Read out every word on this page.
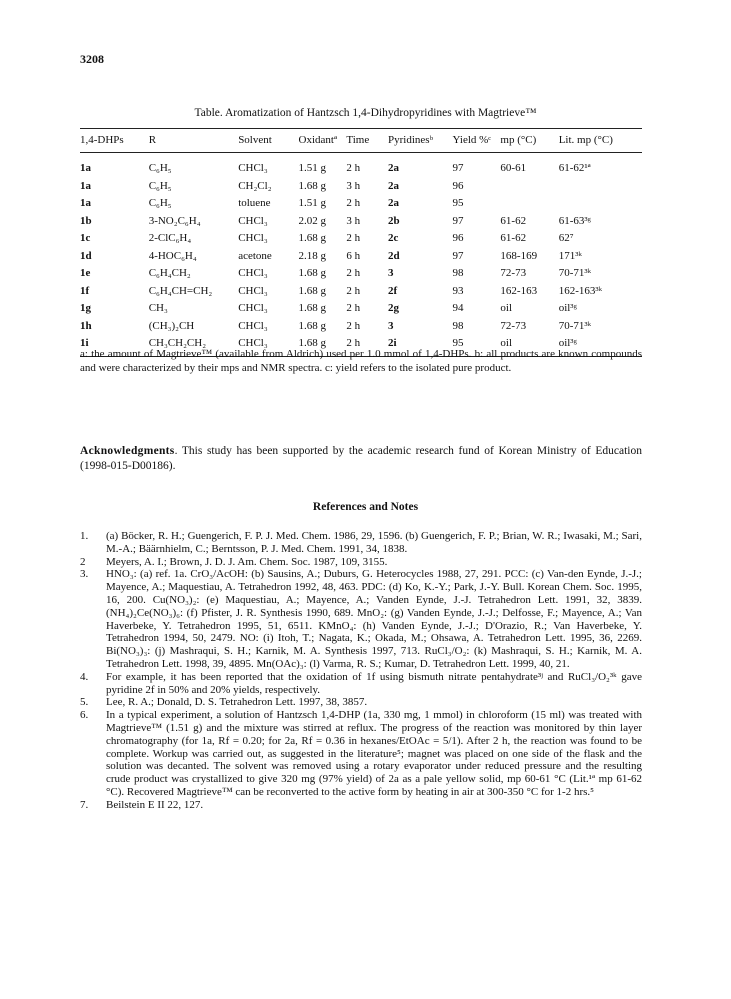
3208
Table. Aromatization of Hantzsch 1,4-Dihydropyridines with Magtrieve™
1,4-DHPs	R	Solvent	Oxidantª	Time	Pyridinesᵇ	Yield %ᶜ	mp (°C)	Lit. mp (°C)
1a	C₆H₅	CHCl₃	1.51 g	2 h	2a	97	60-61	61-62¹ª
1a	C₆H₅	CH₂Cl₂	1.68 g	3 h	2a	96		
1a	C₆H₅	toluene	1.51 g	2 h	2a	95		
1b	3-NO₂C₆H₄	CHCl₃	2.02 g	3 h	2b	97	61-62	61-63³ᵍ
1c	2-ClC₆H₄	CHCl₃	1.68 g	2 h	2c	96	61-62	62⁷
1d	4-HOC₆H₄	acetone	2.18 g	6 h	2d	97	168-169	171³ᵏ
1e	C₆H₄CH₂	CHCl₃	1.68 g	2 h	3	98	72-73	70-71³ᵏ
1f	C₆H₄CH=CH₂	CHCl₃	1.68 g	2 h	2f	93	162-163	162-163³ᵏ
1g	CH₃	CHCl₃	1.68 g	2 h	2g	94	oil	oil³ᵍ
1h	(CH₃)₂CH	CHCl₃	1.68 g	2 h	3	98	72-73	70-71³ᵏ
1i	CH₃CH₂CH₂	CHCl₃	1.68 g	2 h	2i	95	oil	oil³ᵍ
a: the amount of Magtrieve™ (available from Aldrich) used per 1.0 mmol of 1,4-DHPs. b: all products are known compounds and were characterized by their mps and NMR spectra. c: yield refers to the isolated pure product.
Acknowledgments. This study has been supported by the academic research fund of Korean Ministry of Education (1998-015-D00186).
References and Notes
1. (a) Böcker, R. H.; Guengerich, F. P. J. Med. Chem. 1986, 29, 1596. (b) Guengerich, F. P.; Brian, W. R.; Iwasaki, M.; Sari, M.-A.; Bäärnhielm, C.; Berntsson, P. J. Med. Chem. 1991, 34, 1838.
2 Meyers, A. I.; Brown, J. D. J. Am. Chem. Soc. 1987, 109, 3155.
3. HNO₃: (a) ref. 1a. CrO₃/AcOH: (b) Sausins, A.; Duburs, G. Heterocycles 1988, 27, 291. PCC: (c) Van-den Eynde, J.-J.; Mayence, A.; Maquestiau, A. Tetrahedron 1992, 48, 463. PDC: (d) Ko, K.-Y.; Park, J.-Y. Bull. Korean Chem. Soc. 1995, 16, 200. Cu(NO₃)₂: (e) Maquestiau, A.; Mayence, A.; Vanden Eynde, J.-J. Tetrahedron Lett. 1991, 32, 3839. (NH₄)₂Ce(NO₃)₆: (f) Pfister, J. R. Synthesis 1990, 689. MnO₂: (g) Vanden Eynde, J.-J.; Delfosse, F.; Mayence, A.; Van Haverbeke, Y. Tetrahedron 1995, 51, 6511. KMnO₄: (h) Vanden Eynde, J.-J.; D'Orazio, R.; Van Haverbeke, Y. Tetrahedron 1994, 50, 2479. NO: (i) Itoh, T.; Nagata, K.; Okada, M.; Ohsawa, A. Tetrahedron Lett. 1995, 36, 2269. Bi(NO₃)₃: (j) Mashraqui, S. H.; Karnik, M. A. Synthesis 1997, 713. RuCl₃/O₂: (k) Mashraqui, S. H.; Karnik, M. A. Tetrahedron Lett. 1998, 39, 4895. Mn(OAc)₃: (l) Varma, R. S.; Kumar, D. Tetrahedron Lett. 1999, 40, 21.
4. For example, it has been reported that the oxidation of 1f using bismuth nitrate pentahydrate³ʲ and RuCl₃/O₂³ᵏ gave pyridine 2f in 50% and 20% yields, respectively.
5. Lee, R. A.; Donald, D. S. Tetrahedron Lett. 1997, 38, 3857.
6. In a typical experiment, a solution of Hantzsch 1,4-DHP (1a, 330 mg, 1 mmol) in chloroform (15 ml) was treated with Magtrieve™ (1.51 g) and the mixture was stirred at reflux. The progress of the reaction was monitored by thin layer chromatography (for 1a, Rf = 0.20; for 2a, Rf = 0.36 in hexanes/EtOAc = 5/1). After 2 h, the reaction was found to be complete. Workup was carried out, as suggested in the literature⁵; magnet was placed on one side of the flask and the solution was decanted. The solvent was removed using a rotary evaporator under reduced pressure and the resulting crude product was crystallized to give 320 mg (97% yield) of 2a as a pale yellow solid, mp 60-61 °C (Lit.¹ª mp 61-62 °C). Recovered Magtrieve™ can be reconverted to the active form by heating in air at 300-350 °C for 1-2 hrs.⁵
7. Beilstein E II 22, 127.
